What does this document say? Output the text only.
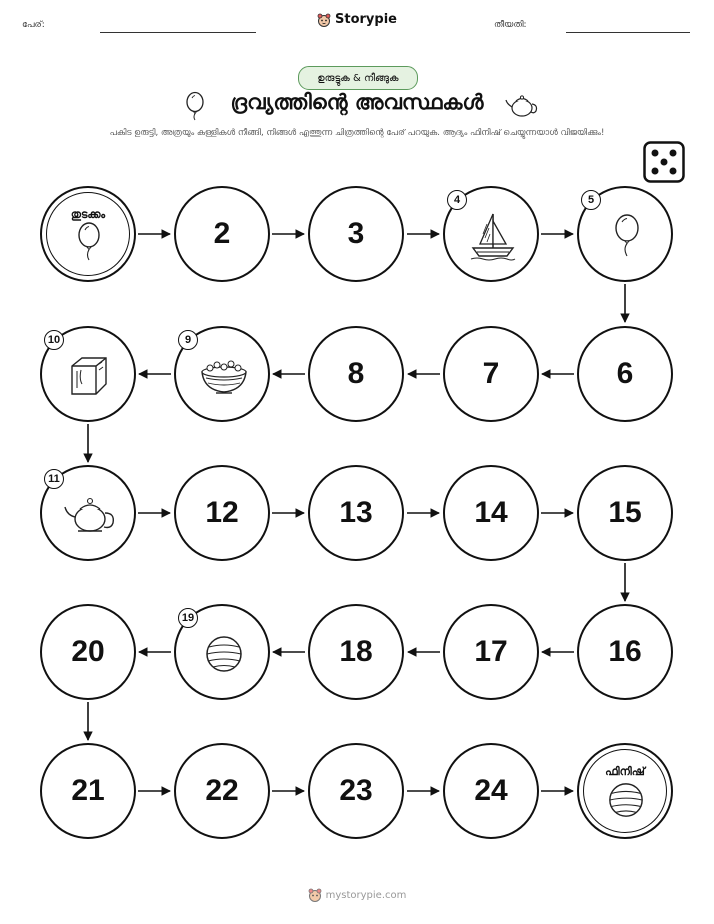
പേര്:	Storypie	തീയതി:
ഉരുട്ടുക & നീങ്ങുക
ദ്രവ്യത്തിന്റെ അവസ്ഥകൾ
പകിട ഉരുട്ടി, അത്രയും കള്ളികൾ നീങ്ങി, നിങ്ങൾ എത്തുന്ന ചിത്രത്തിന്റെ പേര് പറയുക. ആദ്യം ഫിനിഷ് ചെയ്യുന്നയാൾ വിജയിക്കും!
തുടക്കം
2	3
4	5
10	9
8	7	6
11
12	13	14	15
20
19
18	17	16
21	22	23	24
ഫിനിഷ്
mystorypie.com
